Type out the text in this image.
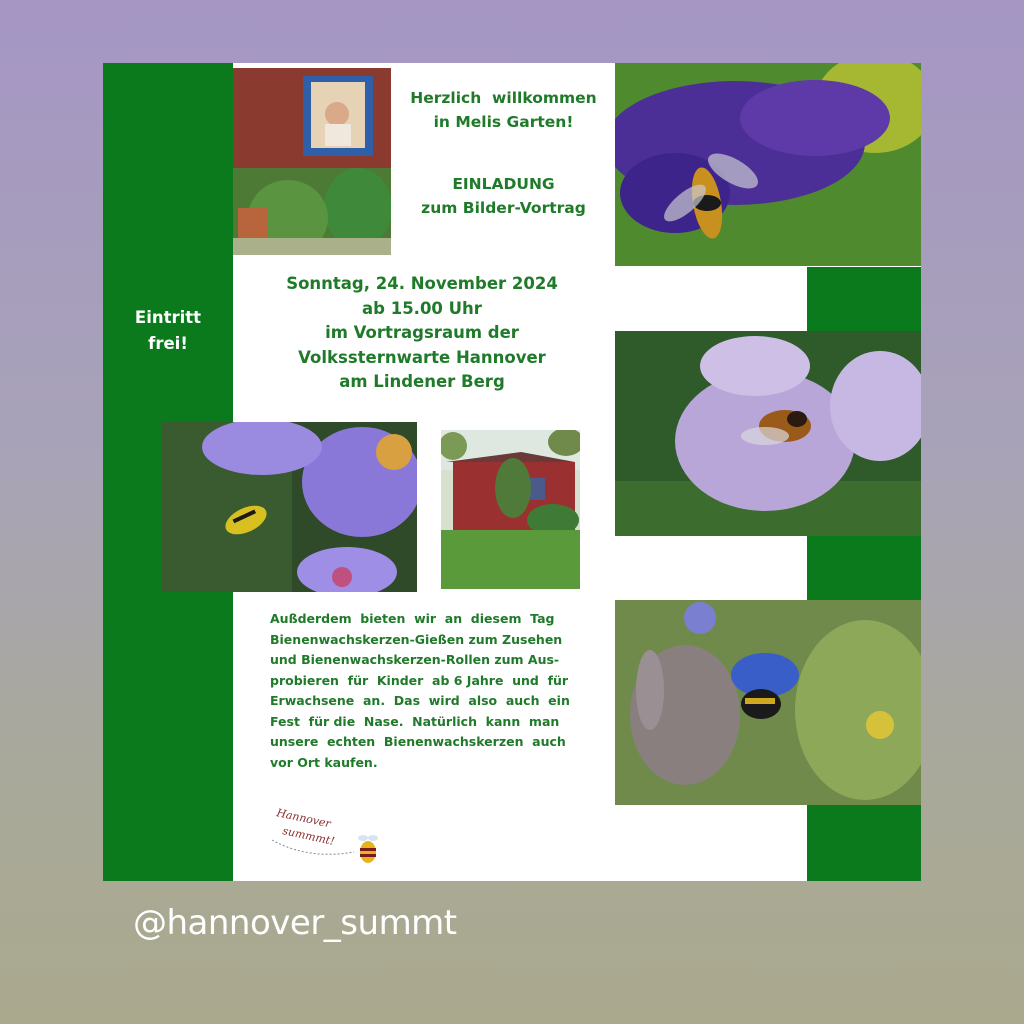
Herzlich  willkommen
in Melis Garten!
EINLADUNG
zum Bilder-Vortrag
Sonntag, 24. November 2024
ab 15.00 Uhr
im Vortragsraum der
Volkssternwarte Hannover
am Lindener Berg
Eintritt
frei!
Außderdem  bieten  wir  an  diesem  Tag
Bienenwachskerzen-Gießen zum Zusehen
und Bienenwachskerzen-Rollen zum Aus-
probieren  für  Kinder  ab 6 Jahre  und  für
Erwachsene  an.  Das  wird  also  auch  ein
Fest  für die  Nase.  Natürlich  kann  man
unsere  echten  Bienenwachskerzen  auch
vor Ort kaufen.
Hannover
summmt!
@hannover_summt
